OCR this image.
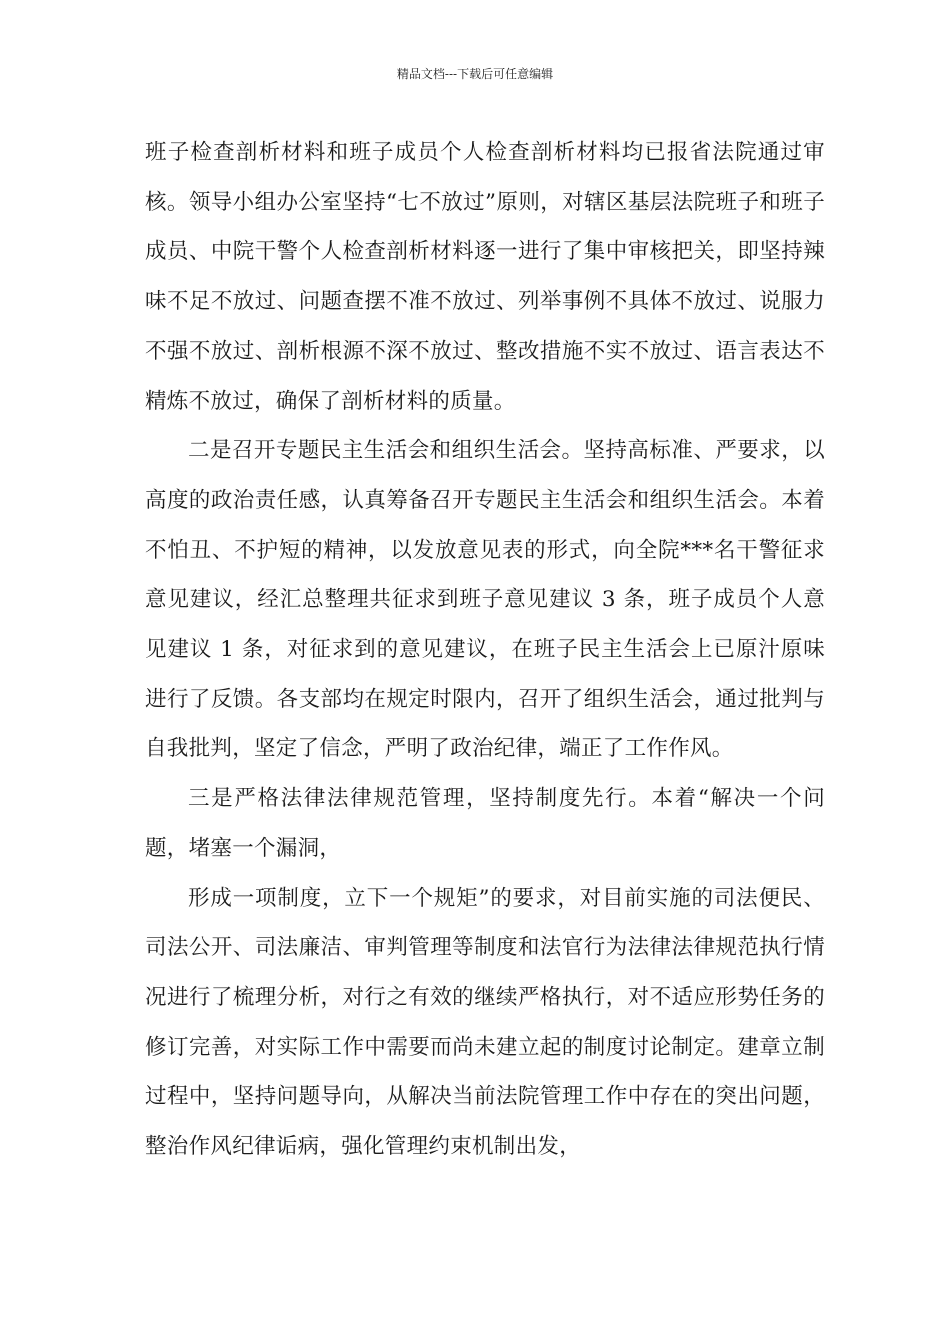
精品文档---下载后可任意编辑

班子检查剖析材料和班子成员个人检查剖析材料均已报省法院通过审核。领导小组办公室坚持“七不放过”原则，对辖区基层法院班子和班子成员、中院干警个人检查剖析材料逐一进行了集中审核把关，即坚持辣味不足不放过、问题查摆不准不放过、列举事例不具体不放过、说服力不强不放过、剖析根源不深不放过、整改措施不实不放过、语言表达不精炼不放过，确保了剖析材料的质量。

二是召开专题民主生活会和组织生活会。坚持高标准、严要求，以高度的政治责任感，认真筹备召开专题民主生活会和组织生活会。本着不怕丑、不护短的精神，以发放意见表的形式，向全院***名干警征求意见建议，经汇总整理共征求到班子意见建议 3 条，班子成员个人意见建议 1 条，对征求到的意见建议，在班子民主生活会上已原汁原味进行了反馈。各支部均在规定时限内，召开了组织生活会，通过批判与自我批判，坚定了信念，严明了政治纪律，端正了工作作风。

三是严格法律法律规范管理，坚持制度先行。本着“解决一个问题，堵塞一个漏洞，

形成一项制度，立下一个规矩”的要求，对目前实施的司法便民、司法公开、司法廉洁、审判管理等制度和法官行为法律法律规范执行情况进行了梳理分析，对行之有效的继续严格执行，对不适应形势任务的修订完善，对实际工作中需要而尚未建立起的制度讨论制定。建章立制过程中，坚持问题导向，从解决当前法院管理工作中存在的突出问题，整治作风纪律诟病，强化管理约束机制出发，
